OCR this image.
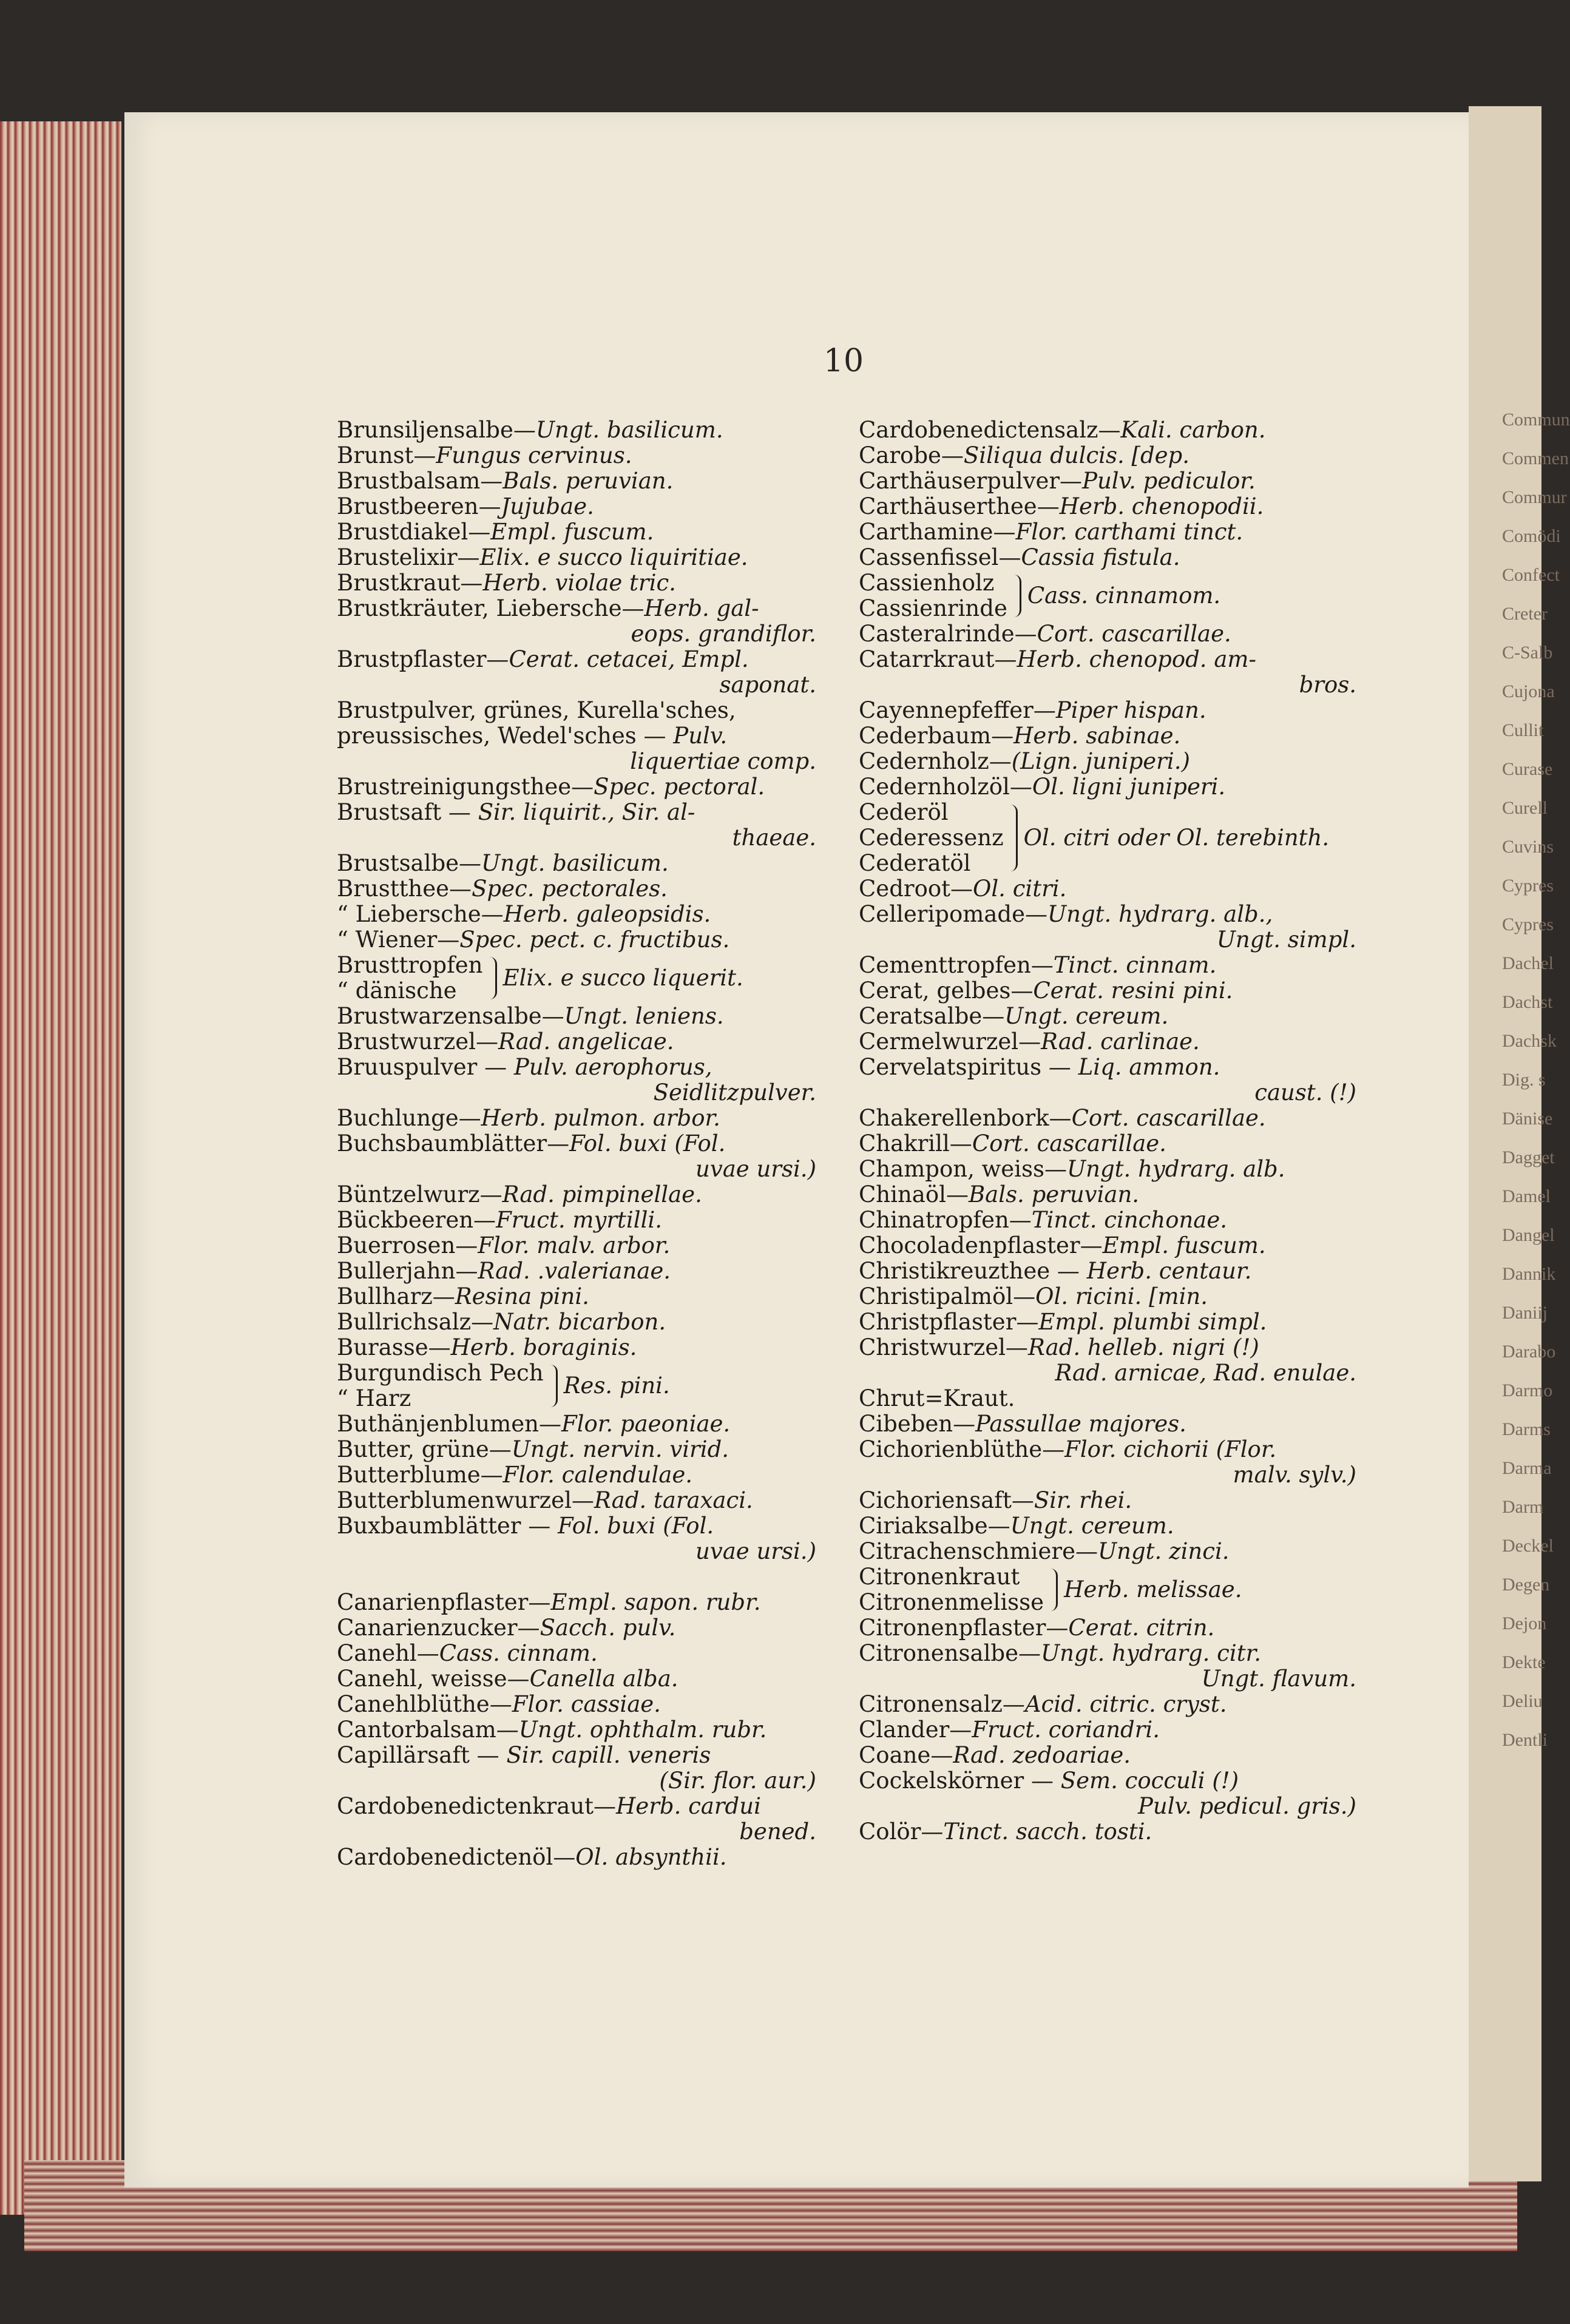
Commun
Commen
Commur
Comödi
Confect
Creter
C-Salb
Cujona
Cullit
Curase
Curell
Cuvins
Cypres
Cypres
Dachel
Dachst
Dachsk
Dig. s
Dänise
Dagget
Damel
Dangel
Dannik
Daniij
Darabo
Darmo
Darms
Darma
Darm
Deckel
Degen
Dejon
Dekte
Deliu
Dentli
10
Brunsiljensalbe—Ungt. basilicum.
Brunst—Fungus cervinus.
Brustbalsam—Bals. peruvian.
Brustbeeren—Jujubae.
Brustdiakel—Empl. fuscum.
Brustelixir—Elix. e succo liquiritiae.
Brustkraut—Herb. violae tric.
Brustkräuter, Liebersche—Herb. gal-
eops. grandiflor.
Brustpflaster—Cerat. cetacei, Empl.
saponat.
Brustpulver, grünes, Kurella'sches,
preussisches, Wedel'sches — Pulv.
liquertiae comp.
Brustreinigungsthee—Spec. pectoral.
Brustsaft — Sir. liquirit., Sir. al-
thaeae.
Brustsalbe—Ungt. basilicum.
Brustthee—Spec. pectorales.
“ Liebersche—Herb. galeopsidis.
“ Wiener—Spec. pect. c. fructibus.
Brusttropfen
“ dänische	Elix. e succo liquerit.
Brustwarzensalbe—Ungt. leniens.
Brustwurzel—Rad. angelicae.
Bruuspulver — Pulv. aerophorus,
Seidlitzpulver.
Buchlunge—Herb. pulmon. arbor.
Buchsbaumblätter—Fol. buxi (Fol.
uvae ursi.)
Büntzelwurz—Rad. pimpinellae.
Bückbeeren—Fruct. myrtilli.
Buerrosen—Flor. malv. arbor.
Bullerjahn—Rad. .valerianae.
Bullharz—Resina pini.
Bullrichsalz—Natr. bicarbon.
Burasse—Herb. boraginis.
Burgundisch Pech
“ Harz	Res. pini.
Buthänjenblumen—Flor. paeoniae.
Butter, grüne—Ungt. nervin. virid.
Butterblume—Flor. calendulae.
Butterblumenwurzel—Rad. taraxaci.
Buxbaumblätter — Fol. buxi (Fol.
uvae ursi.)
Canarienpflaster—Empl. sapon. rubr.
Canarienzucker—Sacch. pulv.
Canehl—Cass. cinnam.
Canehl, weisse—Canella alba.
Canehlblüthe—Flor. cassiae.
Cantorbalsam—Ungt. ophthalm. rubr.
Capillärsaft — Sir. capill. veneris
(Sir. flor. aur.)
Cardobenedictenkraut—Herb. cardui
bened.
Cardobenedictenöl—Ol. absynthii.
Cardobenedictensalz—Kali. carbon.
Carobe—Siliqua dulcis. [dep.
Carthäuserpulver—Pulv. pediculor.
Carthäuserthee—Herb. chenopodii.
Carthamine—Flor. carthami tinct.
Cassenfissel—Cassia fistula.
Cassienholz
Cassienrinde Cass. cinnamom.
Casteralrinde—Cort. cascarillae.
Catarrkraut—Herb. chenopod. am-
bros.
Cayennepfeffer—Piper hispan.
Cederbaum—Herb. sabinae.
Cedernholz—(Lign. juniperi.)
Cedernholzöl—Ol. ligni juniperi.
Cederöl
Cederessenz
Cederatöl
Ol. citri oder Ol. terebinth.
Cedroot—Ol. citri.
Celleripomade—Ungt. hydrarg. alb.,
Ungt. simpl.
Cementtropfen—Tinct. cinnam.
Cerat, gelbes—Cerat. resini pini.
Ceratsalbe—Ungt. cereum.
Cermelwurzel—Rad. carlinae.
Cervelatspiritus — Liq. ammon.
caust. (!)
Chakerellenbork—Cort. cascarillae.
Chakrill—Cort. cascarillae.
Champon, weiss—Ungt. hydrarg. alb.
Chinaöl—Bals. peruvian.
Chinatropfen—Tinct. cinchonae.
Chocoladenpflaster—Empl. fuscum.
Christikreuzthee — Herb. centaur.
Christipalmöl—Ol. ricini. [min.
Christpflaster—Empl. plumbi simpl.
Christwurzel—Rad. helleb. nigri (!)
Rad. arnicae, Rad. enulae.
Chrut=Kraut.
Cibeben—Passullae majores.
Cichorienblüthe—Flor. cichorii (Flor.
malv. sylv.)
Cichoriensaft—Sir. rhei.
Ciriaksalbe—Ungt. cereum.
Citrachenschmiere—Ungt. zinci.
Citronenkraut
Citronenmelisse Herb. melissae.
Citronenpflaster—Cerat. citrin.
Citronensalbe—Ungt. hydrarg. citr.
Ungt. flavum.
Citronensalz—Acid. citric. cryst.
Clander—Fruct. coriandri.
Coane—Rad. zedoariae.
Cockelskörner — Sem. cocculi (!)
Pulv. pedicul. gris.)
Colör—Tinct. sacch. tosti.
